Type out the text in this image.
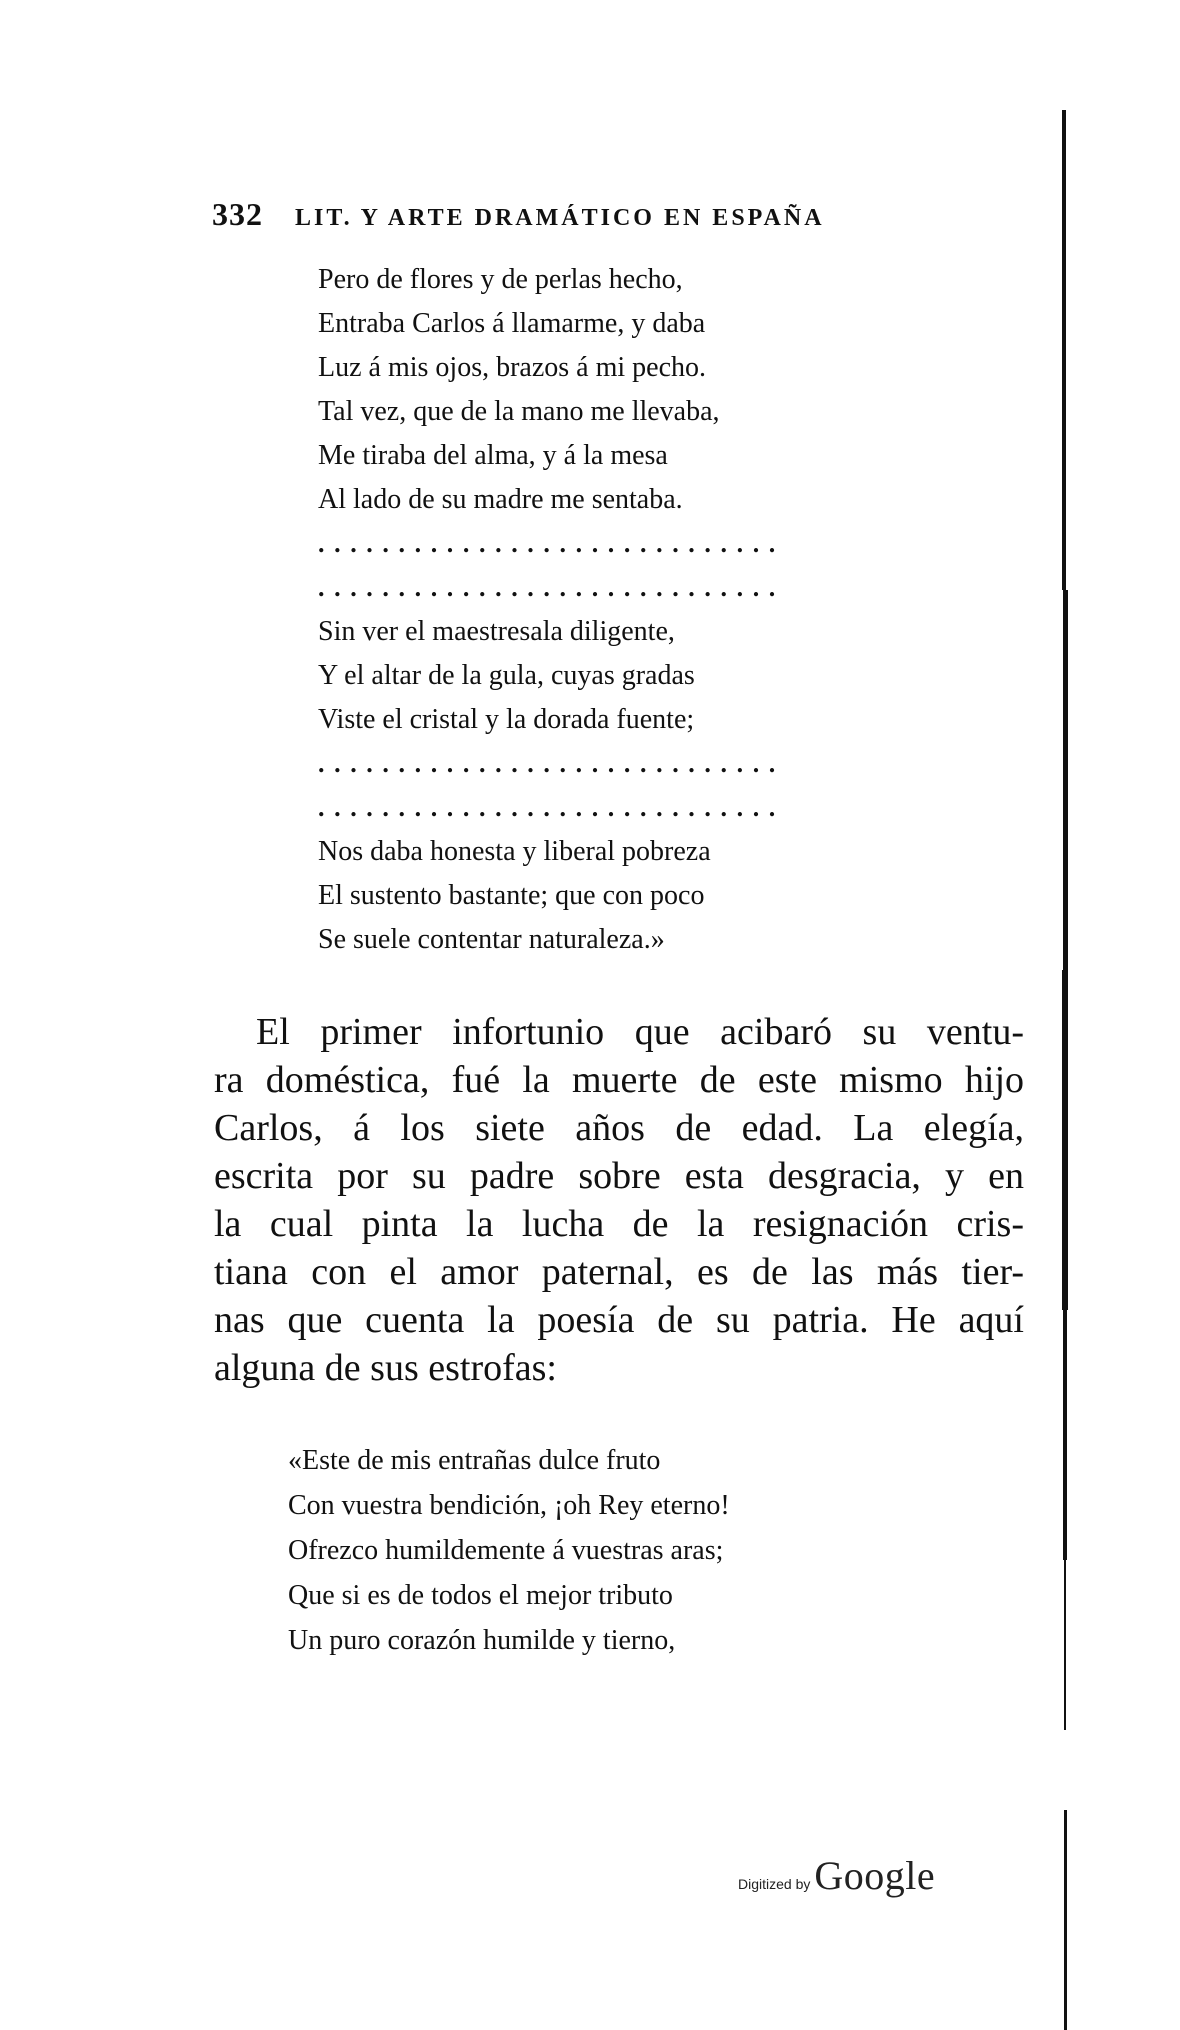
332 LIT. Y ARTE DRAMÁTICO EN ESPAÑA
Pero de flores y de perlas hecho,
Entraba Carlos á llamarme, y daba
Luz á mis ojos, brazos á mi pecho.
Tal vez, que de la mano me llevaba,
Me tiraba del alma, y á la mesa
Al lado de su madre me sentaba.
.............................
.............................
Sin ver el maestresala diligente,
Y el altar de la gula, cuyas gradas
Viste el cristal y la dorada fuente;
.............................
.............................
Nos daba honesta y liberal pobreza
El sustento bastante; que con poco
Se suele contentar naturaleza.»
El primer infortunio que acibaró su ventu-
ra doméstica, fué la muerte de este mismo hijo
Carlos, á los siete años de edad. La elegía,
escrita por su padre sobre esta desgracia, y en
la cual pinta la lucha de la resignación cris-
tiana con el amor paternal, es de las más tier-
nas que cuenta la poesía de su patria. He aquí
alguna de sus estrofas:
«Este de mis entrañas dulce fruto
Con vuestra bendición, ¡oh Rey eterno!
Ofrezco humildemente á vuestras aras;
Que si es de todos el mejor tributo
Un puro corazón humilde y tierno,
Digitized by Google
